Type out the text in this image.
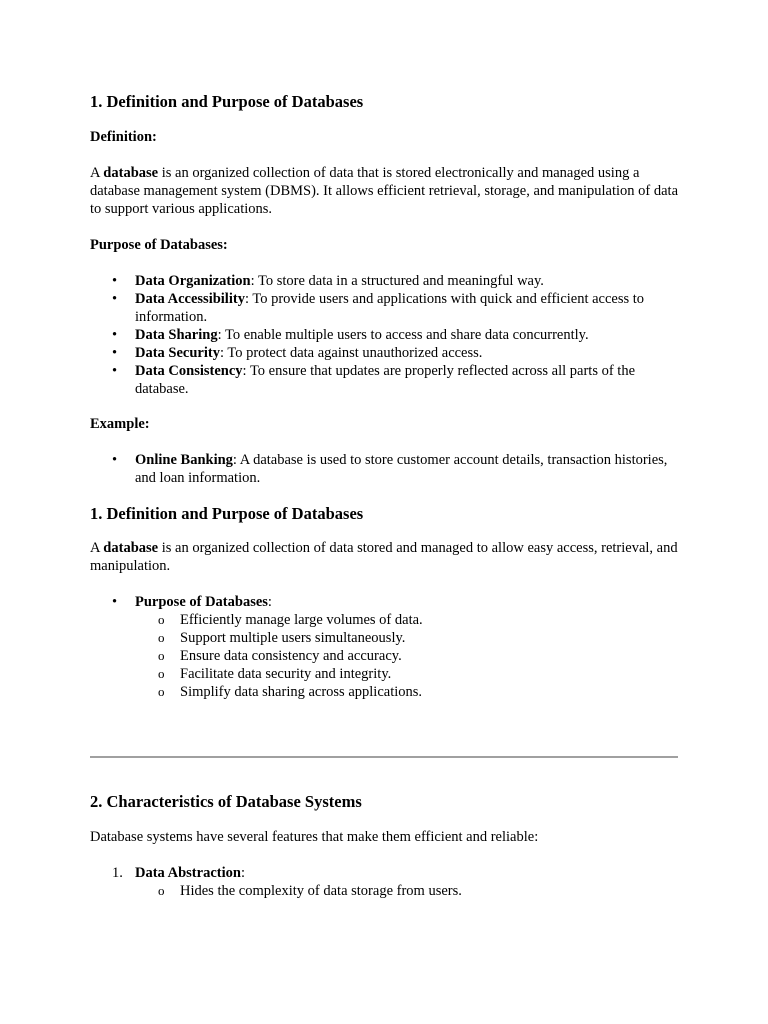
1. Definition and Purpose of Databases

Definition:

A database is an organized collection of data that is stored electronically and managed using a database management system (DBMS). It allows efficient retrieval, storage, and manipulation of data to support various applications.

Purpose of Databases:

• Data Organization: To store data in a structured and meaningful way.
• Data Accessibility: To provide users and applications with quick and efficient access to information.
• Data Sharing: To enable multiple users to access and share data concurrently.
• Data Security: To protect data against unauthorized access.
• Data Consistency: To ensure that updates are properly reflected across all parts of the database.

Example:

• Online Banking: A database is used to store customer account details, transaction histories, and loan information.
1. Definition and Purpose of Databases

A database is an organized collection of data stored and managed to allow easy access, retrieval, and manipulation.

• Purpose of Databases:
o Efficiently manage large volumes of data.
o Support multiple users simultaneously.
o Ensure data consistency and accuracy.
o Facilitate data security and integrity.
o Simplify data sharing across applications.
2. Characteristics of Database Systems

Database systems have several features that make them efficient and reliable:

1. Data Abstraction:
o Hides the complexity of data storage from users.
